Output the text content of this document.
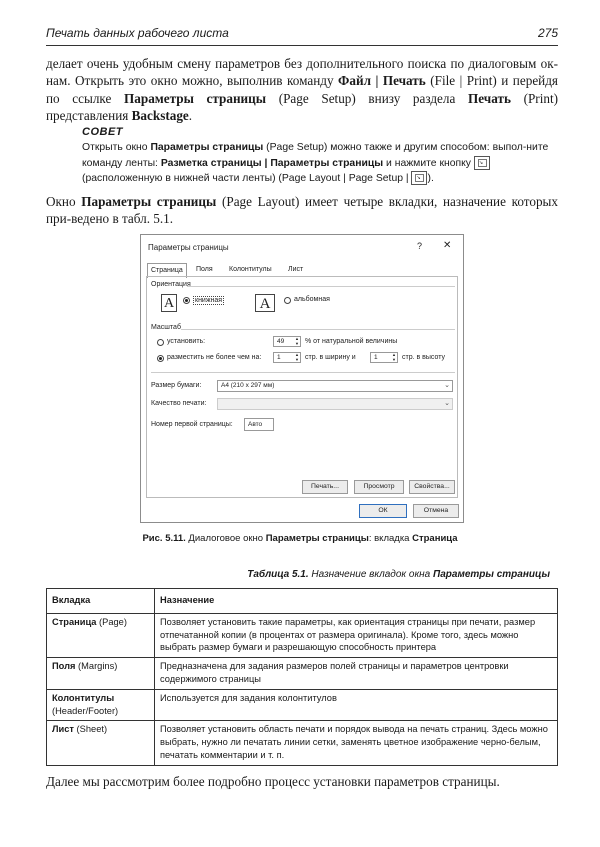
Печать данных рабочего листа	275
делает очень удобным смену параметров без дополнительного поиска по диалоговым ок-нам. Открыть это окно можно, выполнив команду Файл | Печать (File | Print) и перейдя по ссылке Параметры страницы (Page Setup) внизу раздела Печать (Print) представления Backstage.
СОВЕТ
Открыть окно Параметры страницы (Page Setup) можно также и другим способом: выпол-ните команду ленты: Разметка страницы | Параметры страницы и нажмите кнопку ↘
(расположенную в нижней части ленты) (Page Layout | Page Setup | ↘ ).
Окно Параметры страницы (Page Layout) имеет четыре вкладки, назначение которых при-ведено в табл. 5.1.
Параметры страницы	? ✕
Страница	Поля	Колонтитулы	Лист
Ориентация
A	книжная	A	альбомная
Масштаб
установить:	49	▲
▼ % от натуральной величины
разместить не более чем на:	1	▲
▼ стр. в ширину и	1	▲
▼ стр. в высоту
Размер бумаги:	A4 (210 x 297 мм)	⌄
Качество печати:	⌄
Номер первой страницы:	Авто
Печать...	Просмотр	Свойства...
ОК	Отмена
Рис. 5.11. Диалоговое окно Параметры страницы: вкладка Страница
Таблица 5.1. Назначение вкладок окна Параметры страницы
Вкладка	Назначение
Страница (Page)	Позволяет установить такие параметры, как ориентация страницы при печати, размер отпечатанной копии (в процентах от размера оригинала). Кроме того, здесь можно выбрать размер бумаги и разрешающую способность принтера
Поля (Margins)	Предназначена для задания размеров полей страницы и параметров центровки содержимого страницы
Колонтитулы
(Header/Footer)	Используется для задания колонтитулов
Лист (Sheet)	Позволяет установить область печати и порядок вывода на печать страниц. Здесь можно выбрать, нужно ли печатать линии сетки, заменять цветное изображение черно-белым, печатать комментарии и т. п.
Далее мы рассмотрим более подробно процесс установки параметров страницы.
